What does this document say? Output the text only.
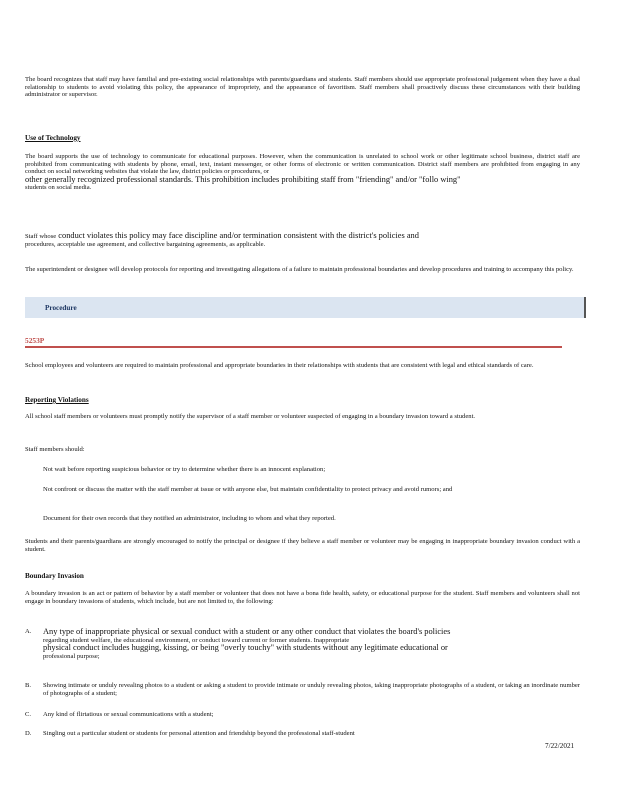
The board recognizes that staff may have familial and pre-existing social relationships with parents/guardians and students. Staff members should use appropriate professional judgement when they have a dual relationship to students to avoid violating this policy, the appearance of impropriety, and the appearance of favoritism. Staff members shall proactively discuss these circumstances with their building administrator or supervisor.

Use of Technology

The board supports the use of technology to communicate for educational purposes. However, when the communication is unrelated to school work or other legitimate school business, district staff are prohibited from communicating with students by phone, email, text, instant messenger, or other forms of electronic or written communication. District staff members are prohibited from engaging in any conduct on social networking websites that violate the law, district policies or procedures, or

other generally recognized professional standards. This prohibition includes prohibiting staff from "friending" and/or "follo wing"

students on social media.

Staff whose conduct violates this policy may face discipline and/or termination consistent with the district's policies and

procedures, acceptable use agreement, and collective bargaining agreements, as applicable.

The superintendent or designee will develop protocols for reporting and investigating allegations of a failure to maintain professional boundaries and develop procedures and training to accompany this policy.

Procedure
5253P

School employees and volunteers are required to maintain professional and appropriate boundaries in their relationships with students that are consistent with legal and ethical standards of care.

Reporting Violations

All school staff members or volunteers must promptly notify the supervisor of a staff member or volunteer suspected of engaging in a boundary invasion toward a student.

Staff members should:

Not wait before reporting suspicious behavior or try to determine whether there is an innocent explanation;

Not confront or discuss the matter with the staff member at issue or with anyone else, but maintain confidentiality to protect privacy and avoid rumors; and

Document for their own records that they notified an administrator, including to whom and what they reported.

Students and their parents/guardians are strongly encouraged to notify the principal or designee if they believe a staff member or volunteer may be engaging in inappropriate boundary invasion conduct with a student.

Boundary Invasion

A boundary invasion is an act or pattern of behavior by a staff member or volunteer that does not have a bona fide health, safety, or educational purpose for the student. Staff members and volunteers shall not engage in boundary invasions of students, which include, but are not limited to, the following:

A. Any type of inappropriate physical or sexual conduct with a student or any other conduct that violates the board's policies

regarding student welfare, the educational environment, or conduct toward current or former students. Inappropriate

physical conduct includes hugging, kissing, or being "overly touchy" with students without any legitimate educational or

professional purpose;

B. Showing intimate or unduly revealing photos to a student or asking a student to provide intimate or unduly revealing photos, taking inappropriate photographs of a student, or taking an inordinate number of photographs of a student;

C. Any kind of flirtatious or sexual communications with a student;

D. Singling out a particular student or students for personal attention and friendship beyond the professional staff-student

7/22/2021
